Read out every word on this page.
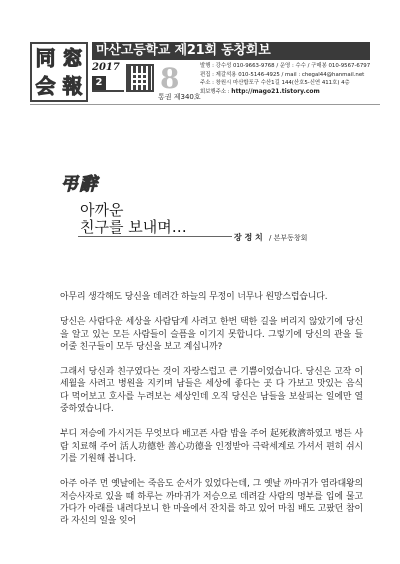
同 窓
会 報
마산고등학교 제21회 동창회보
2017
2 8
통권 제340호
발행 : 강수성 010-9663-9768 / 운영 : 수수 / 구매봉 010-9567-6797
편집 : 제갈석용 010-5146-4925 / mail : chegal44@hanmail.net
주소 : 창원시 마산합포구 수산1길 144(산호5-신연 411호) 4층
회보행주소 : http://mago21.tistory.com
弔辭
아까운
친구를 보내며…
장 정 치 / 본부동창회

아무리 생각해도 당신을 데려간 하늘의 무정이 너무나 원망스럽습니다.

당신은 사람다운 세상을 사람답게 사려고 한번 택한 길을 버리지 않았기에 당신을 알고 있는 모든 사람들이 슬픔을 이기지 못합니다. 그렇기에 당신의 관을 들어줄 친구들이 모두 당신을 보고 계십니까?

그래서 당신과 친구였다는 것이 자랑스럽고 큰 기쁨이었습니다. 당신은 고작 이 세월을 사려고 병원을 지키며 남들은 세상에 좋다는 곳 다 가보고 맛있는 음식 다 먹어보고 호사를 누려보는 세상인데 오직 당신은 남들을 보살피는 일에만 열중하였습니다.

부디 저승에 가시거든 무엇보다 배고픈 사람 밥을 주어 起死救濟하였고 병든 사람 치료해 주어 活人功德한 善心功德을 인정받아 극락세계로 가셔서 편히 쉬시기를 기원해 봅니다.

아주 아주 먼 옛날에는 죽음도 순서가 있었다는데, 그 옛날 까마귀가 염라대왕의 저승사자로 있을 때 하루는 까마귀가 저승으로 데려갈 사람의 명부를 입에 물고 가다가 아래를 내려다보니 한 마을에서 잔치를 하고 있어 마침 배도 고팠던 참이라 자신의 일을 잊어
